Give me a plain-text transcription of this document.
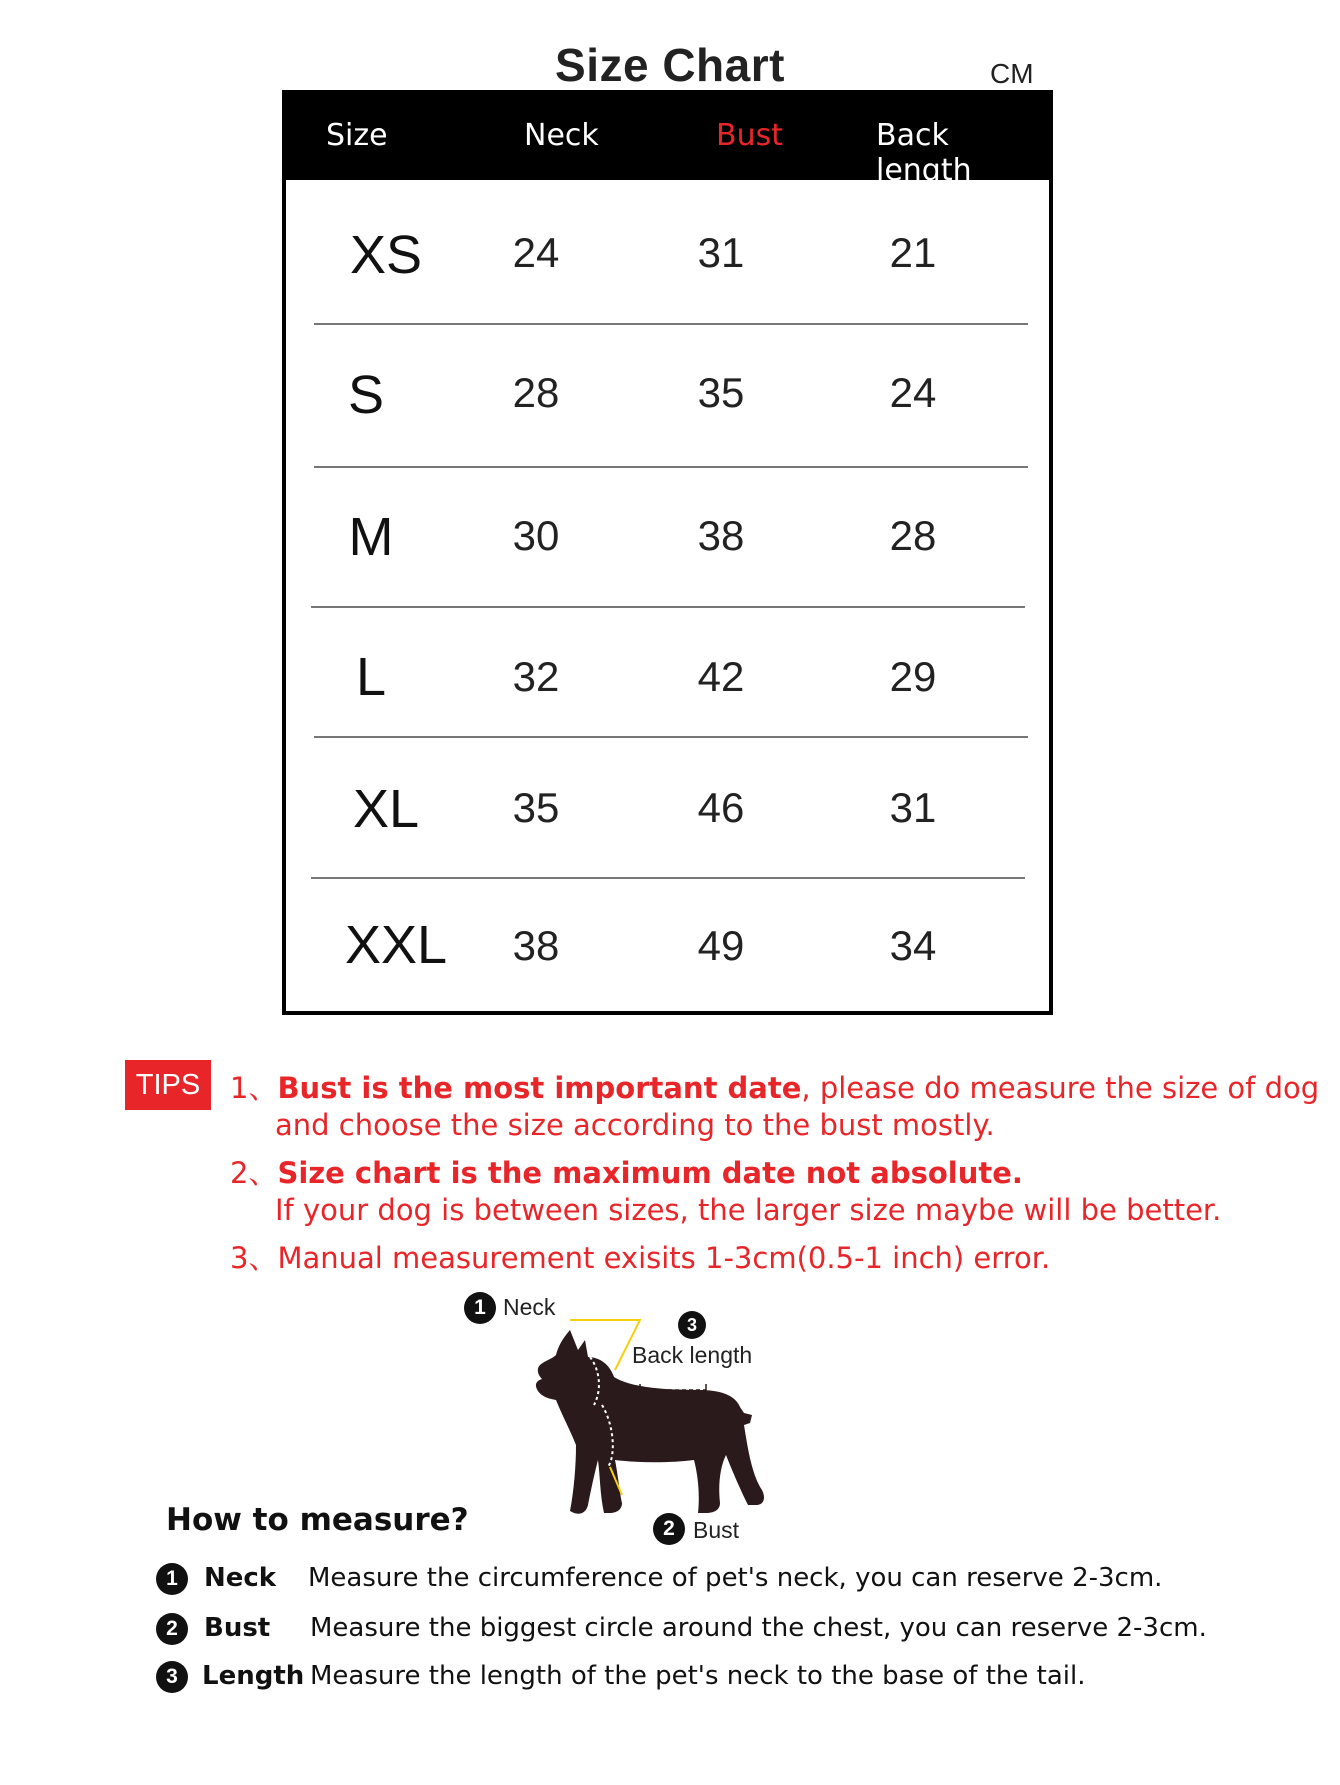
Size Chart	CM
Size	Neck	Bust	Back length
XS	24	31	21
S	28	35	24
M	30	38	28
L	32	42	29
XL	35	46	31
XXL	38	49	34
TIPS	1、Bust is the most important date, please do measure the size of dog
and choose the size according to the bust mostly.
2、Size chart is the maximum date not absolute.
If your dog is between sizes, the larger size maybe will be better.
3、Manual measurement exisits 1-3cm(0.5-1 inch) error.
1 Neck
3
Back length
2 Bust
How to measure?
1	Neck Measure the circumference of pet's neck, you can reserve 2-3cm.
2	Bust Measure the biggest circle around the chest, you can reserve 2-3cm.
3 Length Measure the length of the pet's neck to the base of the tail.
